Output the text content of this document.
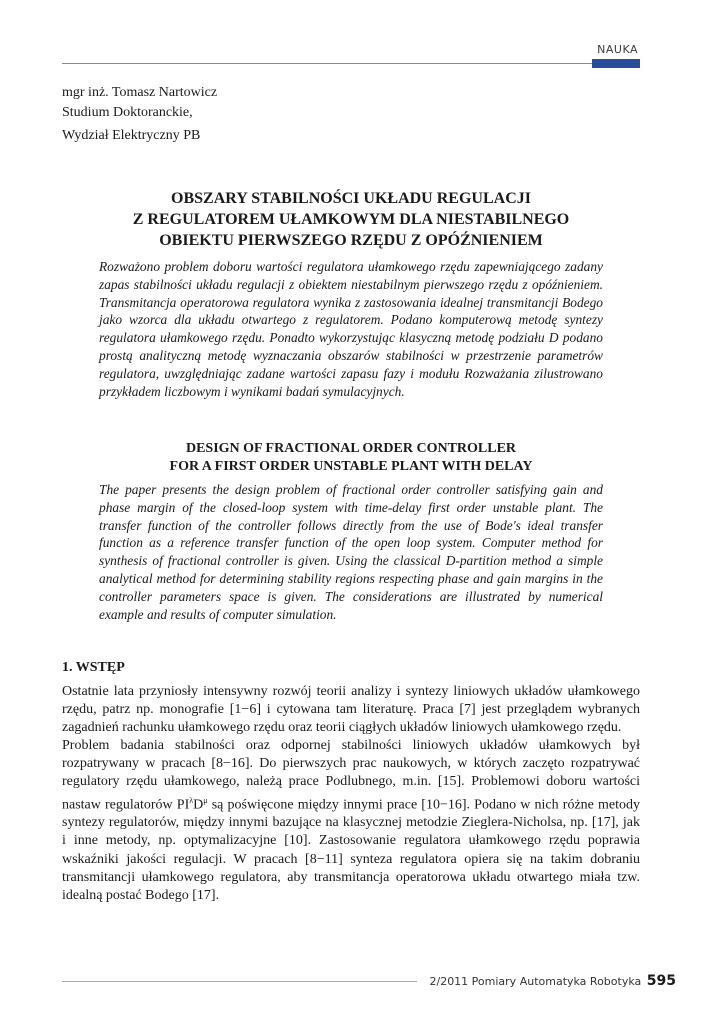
NAUKA
mgr inż. Tomasz Nartowicz
Studium Doktoranckie,
Wydział Elektryczny PB
OBSZARY STABILNOŚCI UKŁADU REGULACJI
Z REGULATOREM UŁAMKOWYM DLA NIESTABILNEGO
OBIEKTU PIERWSZEGO RZĘDU Z OPÓŹNIENIEM

Rozważono problem doboru wartości regulatora ułamkowego rzędu zapewniającego zadany zapas stabilności układu regulacji z obiektem niestabilnym pierwszego rzędu z opóźnieniem. Transmitancja operatorowa regulatora wynika z zastosowania idealnej transmitancji Bodego jako wzorca dla układu otwartego z regulatorem. Podano komputerową metodę syntezy regulatora ułamkowego rzędu. Ponadto wykorzystując klasyczną metodę podziału D podano prostą analityczną metodę wyznaczania obszarów stabilności w przestrzenie parametrów regulatora, uwzględniając zadane wartości zapasu fazy i modułu Rozważania zilustrowano przykładem liczbowym i wynikami badań symulacyjnych.

DESIGN OF FRACTIONAL ORDER CONTROLLER
FOR A FIRST ORDER UNSTABLE PLANT WITH DELAY

The paper presents the design problem of fractional order controller satisfying gain and phase margin of the closed-loop system with time-delay first order unstable plant. The transfer function of the controller follows directly from the use of Bode's ideal transfer function as a reference transfer function of the open loop system. Computer method for synthesis of fractional controller is given. Using the classical D-partition method a simple analytical method for determining stability regions respecting phase and gain margins in the controller parameters space is given. The considerations are illustrated by numerical example and results of computer simulation.

1. WSTĘP

Ostatnie lata przyniosły intensywny rozwój teorii analizy i syntezy liniowych układów ułamkowego rzędu, patrz np. monografie [1−6] i cytowana tam literaturę. Praca [7] jest przeglądem wybranych zagadnień rachunku ułamkowego rzędu oraz teorii ciągłych układów liniowych ułamkowego rzędu.

Problem badania stabilności oraz odpornej stabilności liniowych układów ułamkowych był rozpatrywany w pracach [8−16]. Do pierwszych prac naukowych, w których zaczęto rozpatrywać regulatory rzędu ułamkowego, należą prace Podlubnego, m.in. [15]. Problemowi doboru wartości nastaw regulatorów $PI^\lambda D^\mu$ są poświęcone między innymi prace [10−16]. Podano w nich różne metody syntezy regulatorów, między innymi bazujące na klasycznej metodzie Zieglera-Nicholsa, np. [17], jak i inne metody, np. optymalizacyjne [10]. Zastosowanie regulatora ułamkowego rzędu poprawia wskaźniki jakości regulacji. W pracach [8−11] synteza regulatora opiera się na takim dobraniu transmitancji ułamkowego regulatora, aby transmitancja operatorowa układu otwartego miała tzw. idealną postać Bodego [17].

2/2011 Pomiary Automatyka Robotyka 595
